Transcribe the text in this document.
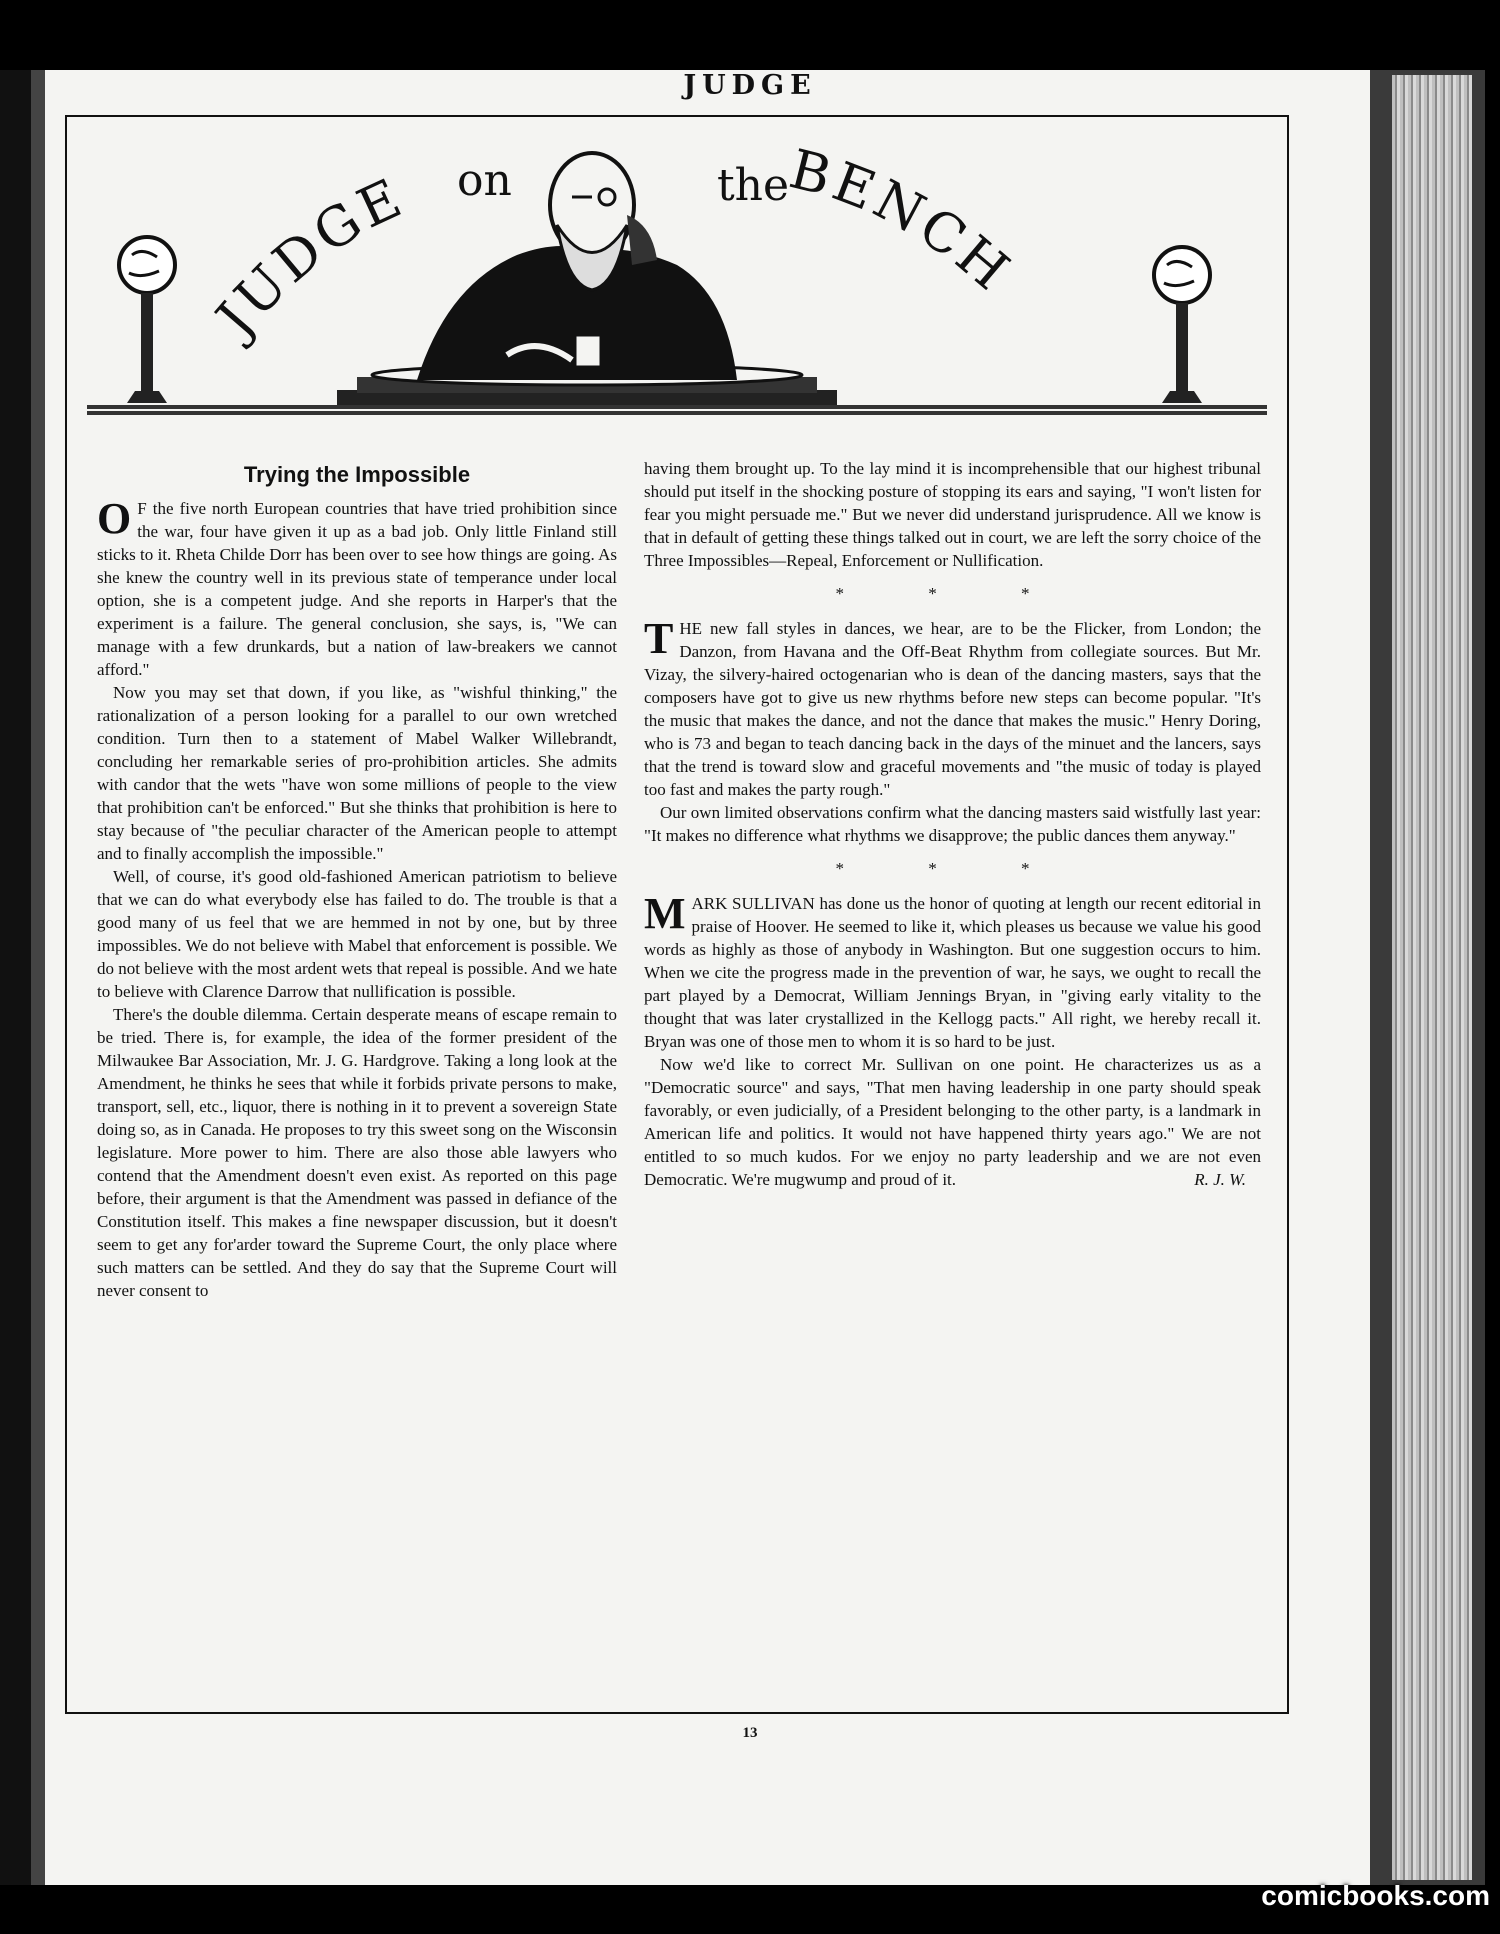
JUDGE
JUDGE on	the
BENCH
Trying the Impossible

O F the five north European countries that have tried prohibition since the war, four have given it up as a bad job. Only little Finland still sticks to it. Rheta Childe Dorr has been over to see how things are going. As she knew the country well in its previous state of temperance under local option, she is a competent judge. And she reports in Harper's that the experiment is a failure. The general conclusion, she says, is, "We can manage with a few drunkards, but a nation of law-breakers we cannot afford."

Now you may set that down, if you like, as "wishful thinking," the rationalization of a person looking for a parallel to our own wretched condition. Turn then to a statement of Mabel Walker Willebrandt, concluding her remarkable series of pro-prohibition articles. She admits with candor that the wets "have won some millions of people to the view that prohibition can't be enforced." But she thinks that prohibition is here to stay because of "the peculiar character of the American people to attempt and to finally accomplish the impossible."

Well, of course, it's good old-fashioned American patriotism to believe that we can do what everybody else has failed to do. The trouble is that a good many of us feel that we are hemmed in not by one, but by three impossibles. We do not believe with Mabel that enforcement is possible. We do not believe with the most ardent wets that repeal is possible. And we hate to believe with Clarence Darrow that nullification is possible.

There's the double dilemma. Certain desperate means of escape remain to be tried. There is, for example, the idea of the former president of the Milwaukee Bar Association, Mr. J. G. Hardgrove. Taking a long look at the Amendment, he thinks he sees that while it forbids private persons to make, transport, sell, etc., liquor, there is nothing in it to prevent a sovereign State doing so, as in Canada. He proposes to try this sweet song on the Wisconsin legislature. More power to him. There are also those able lawyers who contend that the Amendment doesn't even exist. As reported on this page before, their argument is that the Amendment was passed in defiance of the Constitution itself. This makes a fine newspaper discussion, but it doesn't seem to get any for'arder toward the Supreme Court, the only place where such matters can be settled. And they do say that the Supreme Court will never consent to

having them brought up. To the lay mind it is incomprehensible that our highest tribunal should put itself in the shocking posture of stopping its ears and saying, "I won't listen for fear you might persuade me." But we never did understand jurisprudence. All we know is that in default of getting these things talked out in court, we are left the sorry choice of the Three Impossibles—Repeal, Enforcement or Nullification.

* * *

THE new fall styles in dances, we hear, are to be the Flicker, from London; the Danzon, from Havana and the Off-Beat Rhythm from collegiate sources. But Mr. Vizay, the silvery-haired octogenarian who is dean of the dancing masters, says that the composers have got to give us new rhythms before new steps can become popular. "It's the music that makes the dance, and not the dance that makes the music." Henry Doring, who is 73 and began to teach dancing back in the days of the minuet and the lancers, says that the trend is toward slow and graceful movements and "the music of today is played too fast and makes the party rough."

Our own limited observations confirm what the dancing masters said wistfully last year: "It makes no difference what rhythms we disapprove; the public dances them anyway."

* * *

MARK SULLIVAN has done us the honor of quoting at length our recent editorial in praise of Hoover. He seemed to like it, which pleases us because we value his good words as highly as those of anybody in Washington. But one suggestion occurs to him. When we cite the progress made in the prevention of war, he says, we ought to recall the part played by a Democrat, William Jennings Bryan, in "giving early vitality to the thought that was later crystallized in the Kellogg pacts." All right, we hereby recall it. Bryan was one of those men to whom it is so hard to be just.

Now we'd like to correct Mr. Sullivan on one point. He characterizes us as a "Democratic source" and says, "That men having leadership in one party should speak favorably, or even judicially, of a President belonging to the other party, is a landmark in American life and politics. It would not have happened thirty years ago." We are not entitled to so much kudos. For we enjoy no party leadership and we are not even Democratic. We're mugwump and proud of it.	R. J. W.

13
comicbooks.com
